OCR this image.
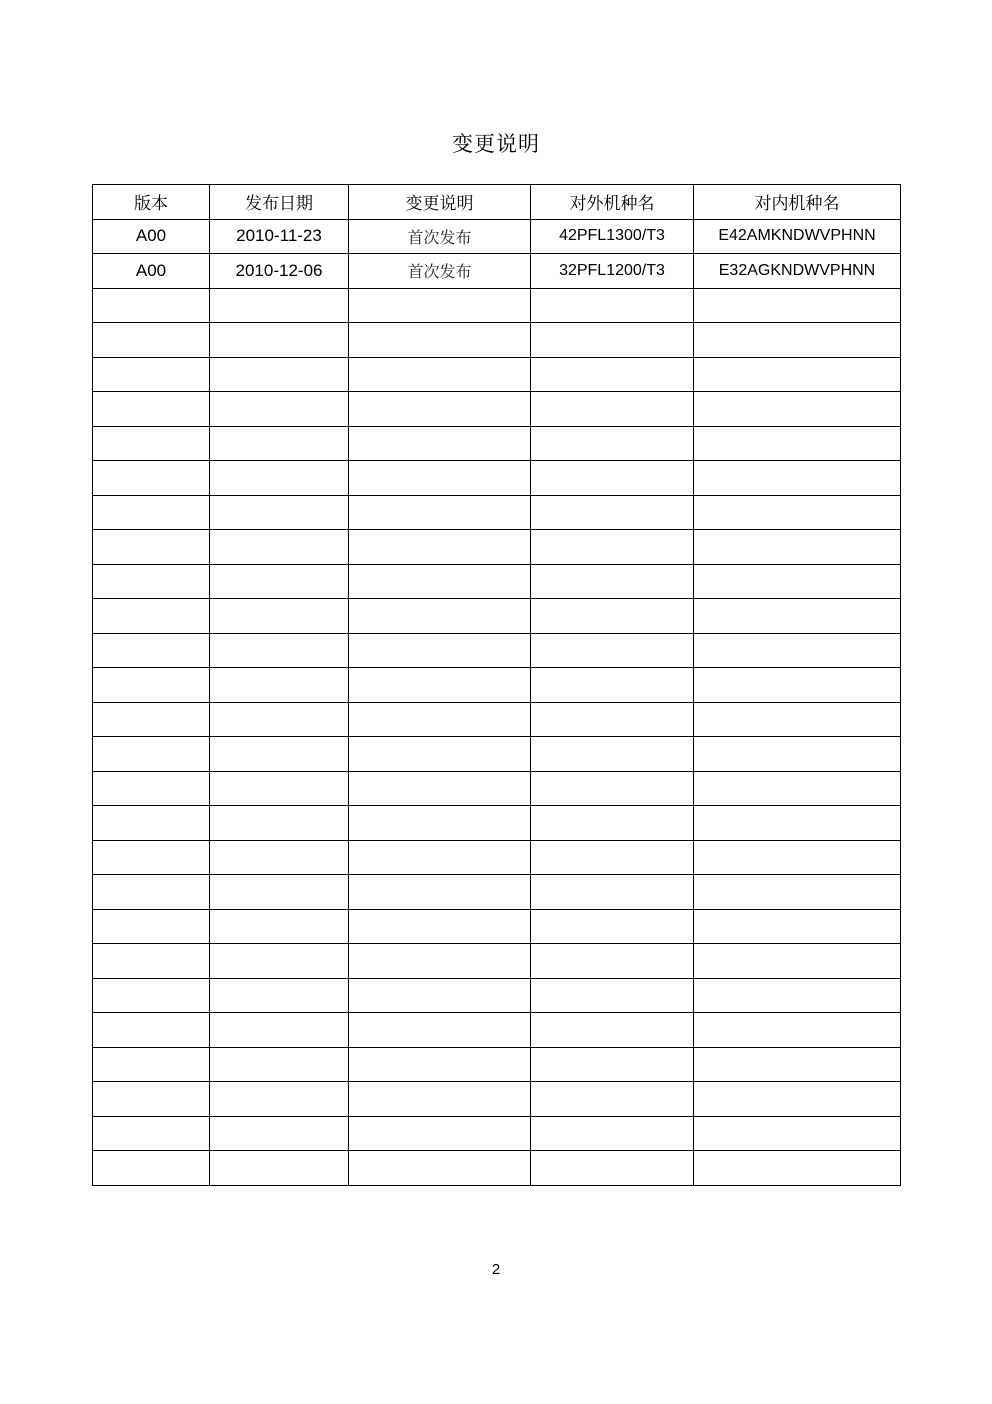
变更说明
版本	发布日期	变更说明	对外机种名	对内机种名
A00	2010-11-23	首次发布	42PFL1300/T3	E42AMKNDWVPHNN
A00	2010-12-06	首次发布	32PFL1200/T3	E32AGKNDWVPHNN

2
